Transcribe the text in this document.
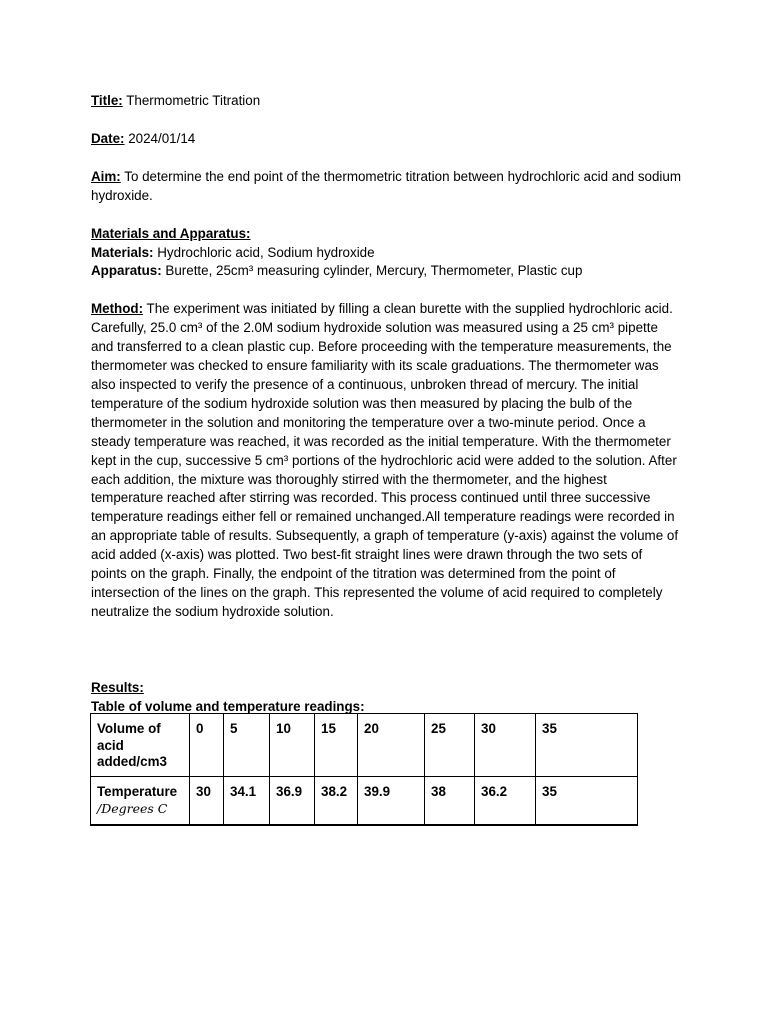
Title: Thermometric Titration

Date: 2024/01/14

Aim: To determine the end point of the thermometric titration between hydrochloric acid and sodium hydroxide.

Materials and Apparatus:
Materials: Hydrochloric acid, Sodium hydroxide
Apparatus: Burette, 25cm³ measuring cylinder, Mercury, Thermometer, Plastic cup

Method: The experiment was initiated by filling a clean burette with the supplied hydrochloric acid. Carefully, 25.0 cm³ of the 2.0M sodium hydroxide solution was measured using a 25 cm³ pipette and transferred to a clean plastic cup. Before proceeding with the temperature measurements, the thermometer was checked to ensure familiarity with its scale graduations. The thermometer was also inspected to verify the presence of a continuous, unbroken thread of mercury. The initial temperature of the sodium hydroxide solution was then measured by placing the bulb of the thermometer in the solution and monitoring the temperature over a two-minute period. Once a steady temperature was reached, it was recorded as the initial temperature. With the thermometer kept in the cup, successive 5 cm³ portions of the hydrochloric acid were added to the solution. After each addition, the mixture was thoroughly stirred with the thermometer, and the highest temperature reached after stirring was recorded. This process continued until three successive temperature readings either fell or remained unchanged.All temperature readings were recorded in an appropriate table of results. Subsequently, a graph of temperature (y-axis) against the volume of acid added (x-axis) was plotted. Two best-fit straight lines were drawn through the two sets of points on the graph. Finally, the endpoint of the titration was determined from the point of intersection of the lines on the graph. This represented the volume of acid required to completely neutralize the sodium hydroxide solution.

Results:
Table of volume and temperature readings:
Volume of acid added/cm3	0	5	10	15	20	25	30	35

Temperature
/Degrees C	30	34.1	36.9	38.2	39.9	38	36.2	35
